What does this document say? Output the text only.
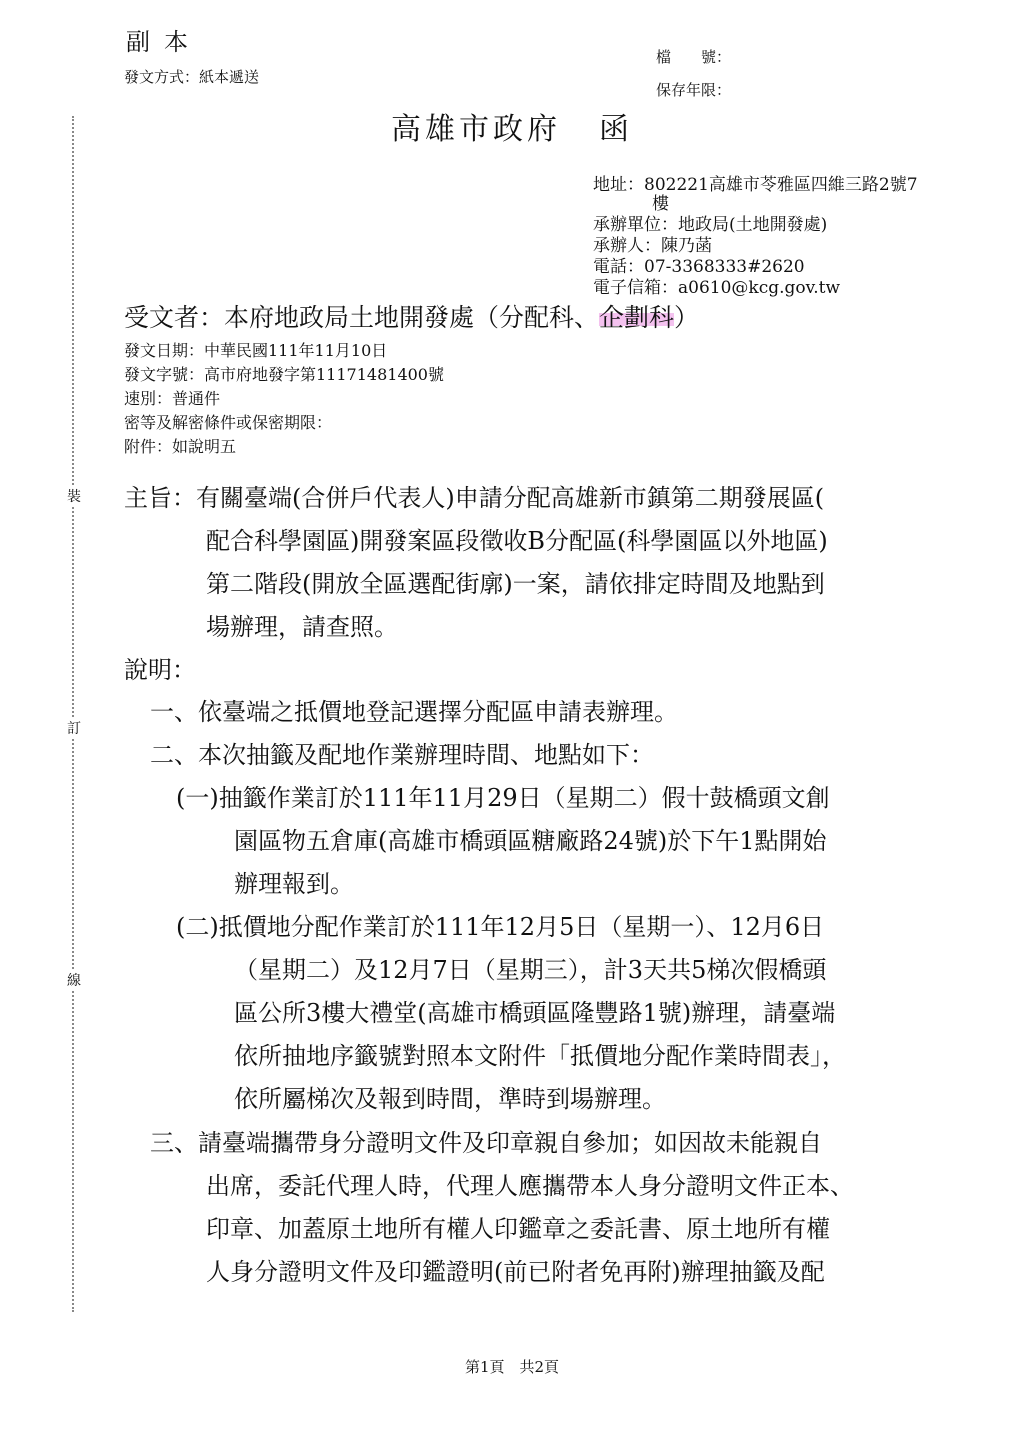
副本
發文方式：紙本遞送
檔　　號：
保存年限：
高雄市政府 函
地址：802221高雄市苓雅區四維三路2號7
樓
承辦單位：地政局(土地開發處)
承辦人：陳乃菡
電話：07-3368333#2620
電子信箱：a0610@kcg.gov.tw
受文者：本府地政局土地開發處（分配科、企劃科）
發文日期：中華民國111年11月10日
發文字號：高市府地發字第11171481400號
速別：普通件
密等及解密條件或保密期限：
附件：如說明五
裝
訂
線
主旨：有關臺端(合併戶代表人)申請分配高雄新市鎮第二期發展區(
配合科學園區)開發案區段徵收B分配區(科學園區以外地區)
第二階段(開放全區選配街廓)一案，請依排定時間及地點到
場辦理，請查照。
說明：
一、依臺端之抵價地登記選擇分配區申請表辦理。
二、本次抽籤及配地作業辦理時間、地點如下：
(一)抽籤作業訂於111年11月29日（星期二）假十鼓橋頭文創
園區物五倉庫(高雄市橋頭區糖廠路24號)於下午1點開始
辦理報到。
(二)抵價地分配作業訂於111年12月5日（星期一）、12月6日
（星期二）及12月7日（星期三），計3天共5梯次假橋頭
區公所3樓大禮堂(高雄市橋頭區隆豐路1號)辦理，請臺端
依所抽地序籤號對照本文附件「抵價地分配作業時間表」，
依所屬梯次及報到時間，準時到場辦理。
三、請臺端攜帶身分證明文件及印章親自參加；如因故未能親自
出席，委託代理人時，代理人應攜帶本人身分證明文件正本、
印章、加蓋原土地所有權人印鑑章之委託書、原土地所有權
人身分證明文件及印鑑證明(前已附者免再附)辦理抽籤及配
第1頁　共2頁
